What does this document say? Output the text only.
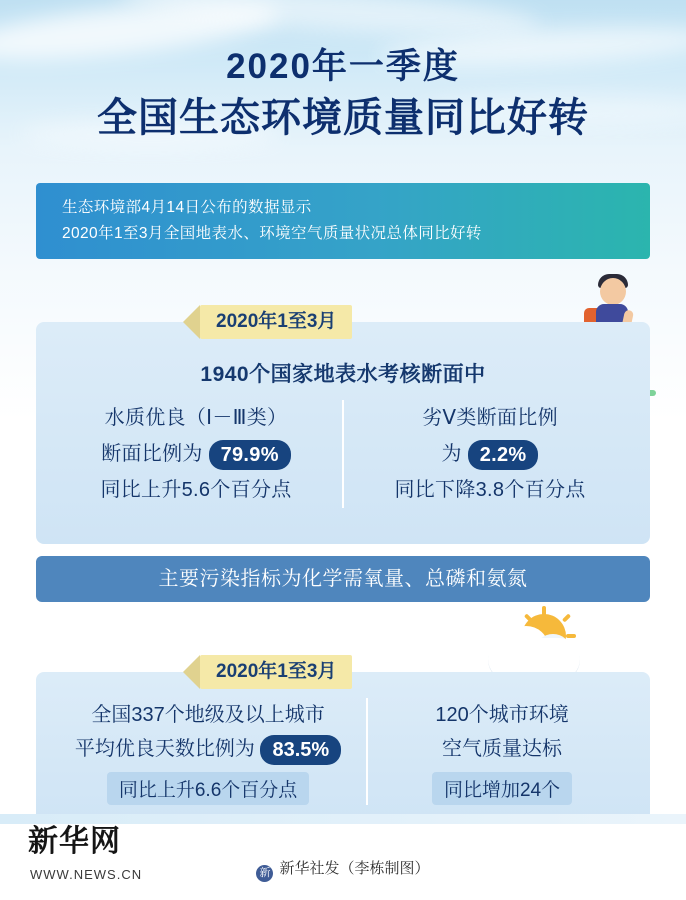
2020年一季度
全国生态环境质量同比好转
生态环境部4月14日公布的数据显示
2020年1至3月全国地表水、环境空气质量状况总体同比好转
2020年1至3月
1940个国家地表水考核断面中
水质优良（Ⅰ－Ⅲ类）
断面比例为 79.9%
同比上升5.6个百分点
劣Ⅴ类断面比例
为 2.2%
同比下降3.8个百分点
主要污染指标为化学需氧量、总磷和氨氮
2020年1至3月
全国337个地级及以上城市
平均优良天数比例为 83.5%
同比上升6.6个百分点
120个城市环境
空气质量达标
同比增加24个
新华网
WWW.NEWS.CN	新 新华社发（李栋制图）
